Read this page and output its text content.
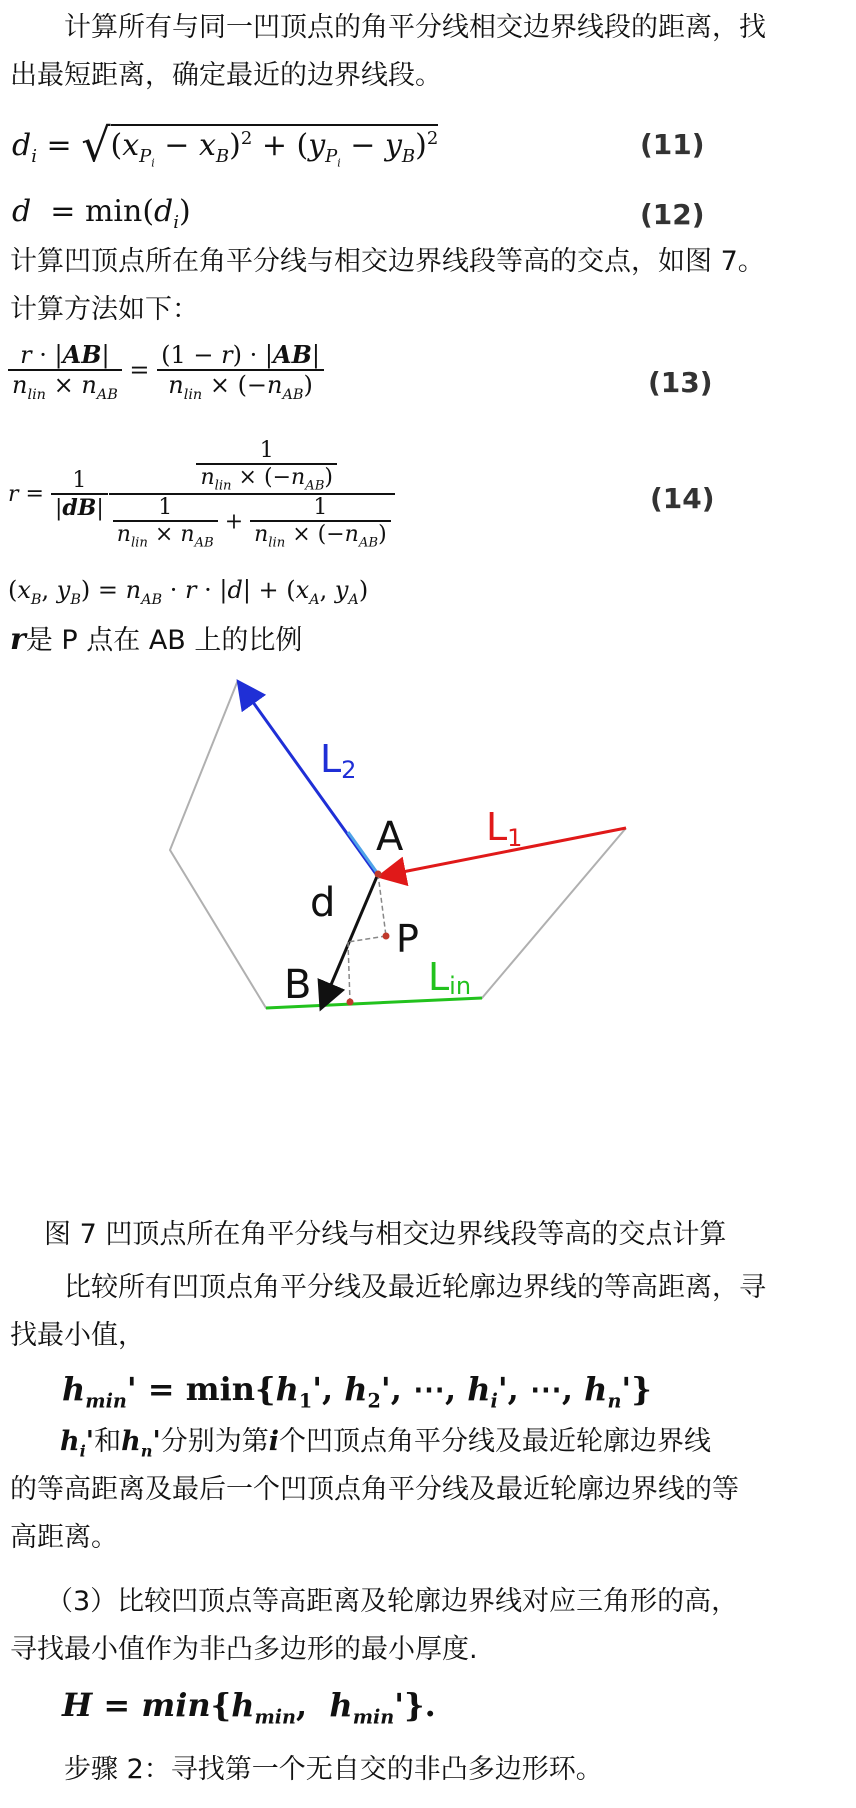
计算所有与同一凹顶点的角平分线相交边界线段的距离，找
出最短距离，确定最近的边界线段。
$d_i = √(x_{P_i} - x_B)^2 + (y_{P_i} - y_B)^2$	(11)
$d = \min(d_i)$	(12)
计算凹顶点所在角平分线与相交边界线段等高的交点，如图 7。
计算方法如下：
$\frac{r \cdot |AB|}{n_{lin} \times n_{AB}} = \frac{(1 - r) \cdot |AB|}{n_{lin} \times (-n_{AB})}$	(13)
$r = \frac{1}{|dB|}$
$\frac{\frac{1}{n_{lin} \times (-n_{AB})}}{\frac{1}{n_{lin} \times n_{AB}} + \frac{1}{n_{lin} \times (-n_{AB})}}$	(14)
($x_B$, $y_B) = n_{AB} \cdot r \cdot |d| + (x_A$, $y_A$)
r是 P 点在 AB 上的比例
L2
L1
A
d
P
B	Lin
图 7 凹顶点所在角平分线与相交边界线段等高的交点计算
比较所有凹顶点角平分线及最近轮廓边界线的等高距离，寻
找最小值，
$h_{min}' = \min\{h_1'$, $h_2'$, ⋯, $h_i'$, ⋯, $h_n'$}
$h_i'$和$h_n'$分别为第i个凹顶点角平分线及最近轮廓边界线
的等高距离及最后一个凹顶点角平分线及最近轮廓边界线的等
高距离。
（3）比较凹顶点等高距离及轮廓边界线对应三角形的高，
寻找最小值作为非凸多边形的最小厚度.
$H = \min\{h_{min}$,  $h_{min}'$}.
步骤 2：寻找第一个无自交的非凸多边形环。
